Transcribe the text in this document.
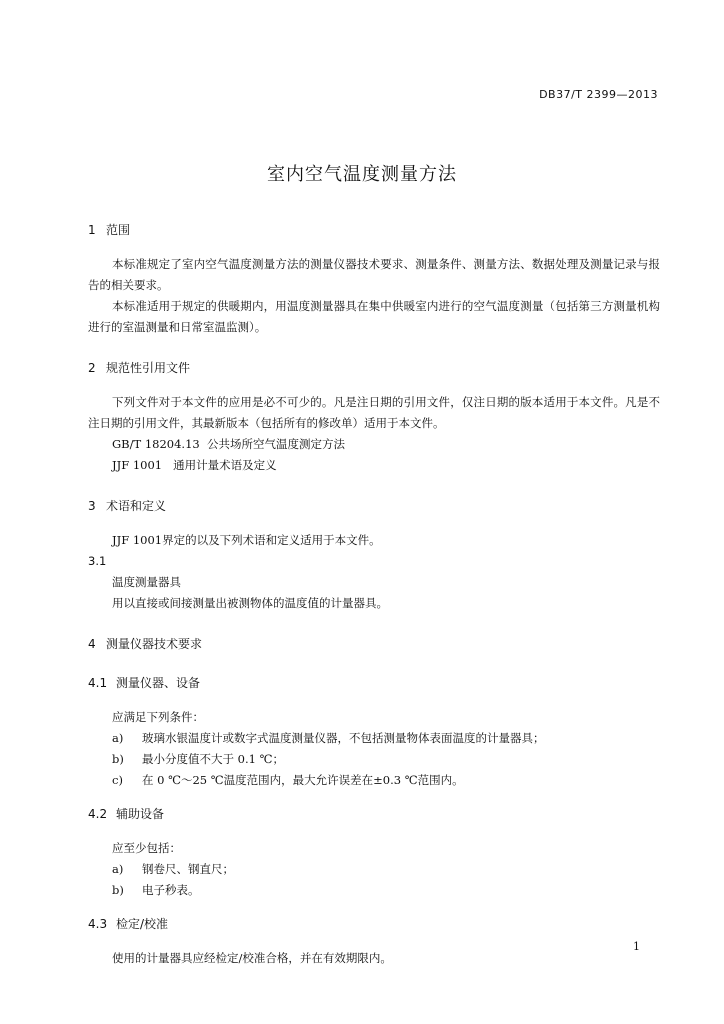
DB37/T 2399—2013
室内空气温度测量方法
1 范围

本标准规定了室内空气温度测量方法的测量仪器技术要求、测量条件、测量方法、数据处理及测量记录与报告的相关要求。

本标准适用于规定的供暖期内，用温度测量器具在集中供暖室内进行的空气温度测量（包括第三方测量机构进行的室温测量和日常室温监测）。

2 规范性引用文件

下列文件对于本文件的应用是必不可少的。凡是注日期的引用文件，仅注日期的版本适用于本文件。凡是不注日期的引用文件，其最新版本（包括所有的修改单）适用于本文件。

GB/T 18204.13  公共场所空气温度测定方法

JJF 1001   通用计量术语及定义

3 术语和定义

JJF 1001界定的以及下列术语和定义适用于本文件。

3.1
温度测量器具

用以直接或间接测量出被测物体的温度值的计量器具。

4 测量仪器技术要求
4.1 测量仪器、设备

应满足下列条件：

a) 玻璃水银温度计或数字式温度测量仪器，不包括测量物体表面温度的计量器具；

b) 最小分度值不大于 0.1 ℃；

c) 在 0 ℃～25 ℃温度范围内，最大允许误差在±0.3 ℃范围内。

4.2 辅助设备

应至少包括：

a) 钢卷尺、钢直尺；

b) 电子秒表。

4.3 检定/校准

使用的计量器具应经检定/校准合格，并在有效期限内。

1
